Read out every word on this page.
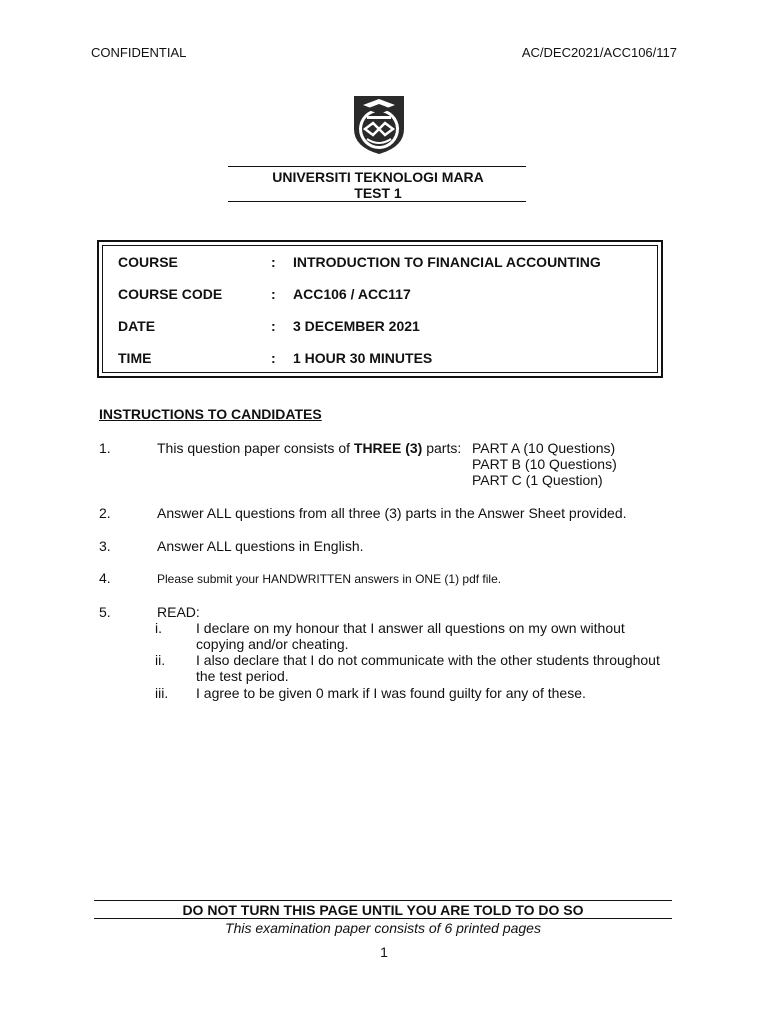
CONFIDENTIAL	AC/DEC2021/ACC106/117
UNIVERSITI TEKNOLOGI MARA
TEST 1
COURSE	: INTRODUCTION TO FINANCIAL ACCOUNTING
COURSE CODE	: ACC106 / ACC117
DATE	: 3 DECEMBER 2021
TIME	: 1 HOUR 30 MINUTES
INSTRUCTIONS TO CANDIDATES
1.	This question paper consists of THREE (3) parts: PART A (10 Questions)
PART B (10 Questions)
PART C (1 Question)
2.	Answer ALL questions from all three (3) parts in the Answer Sheet provided.
3.	Answer ALL questions in English.
4.	Please submit your HANDWRITTEN answers in ONE (1) pdf file.
5.	READ:
i.	I declare on my honour that I answer all questions on my own without copying and/or cheating.
ii.	I also declare that I do not communicate with the other students throughout the test period.
iii.	I agree to be given 0 mark if I was found guilty for any of these.
DO NOT TURN THIS PAGE UNTIL YOU ARE TOLD TO DO SO
This examination paper consists of 6 printed pages
1
